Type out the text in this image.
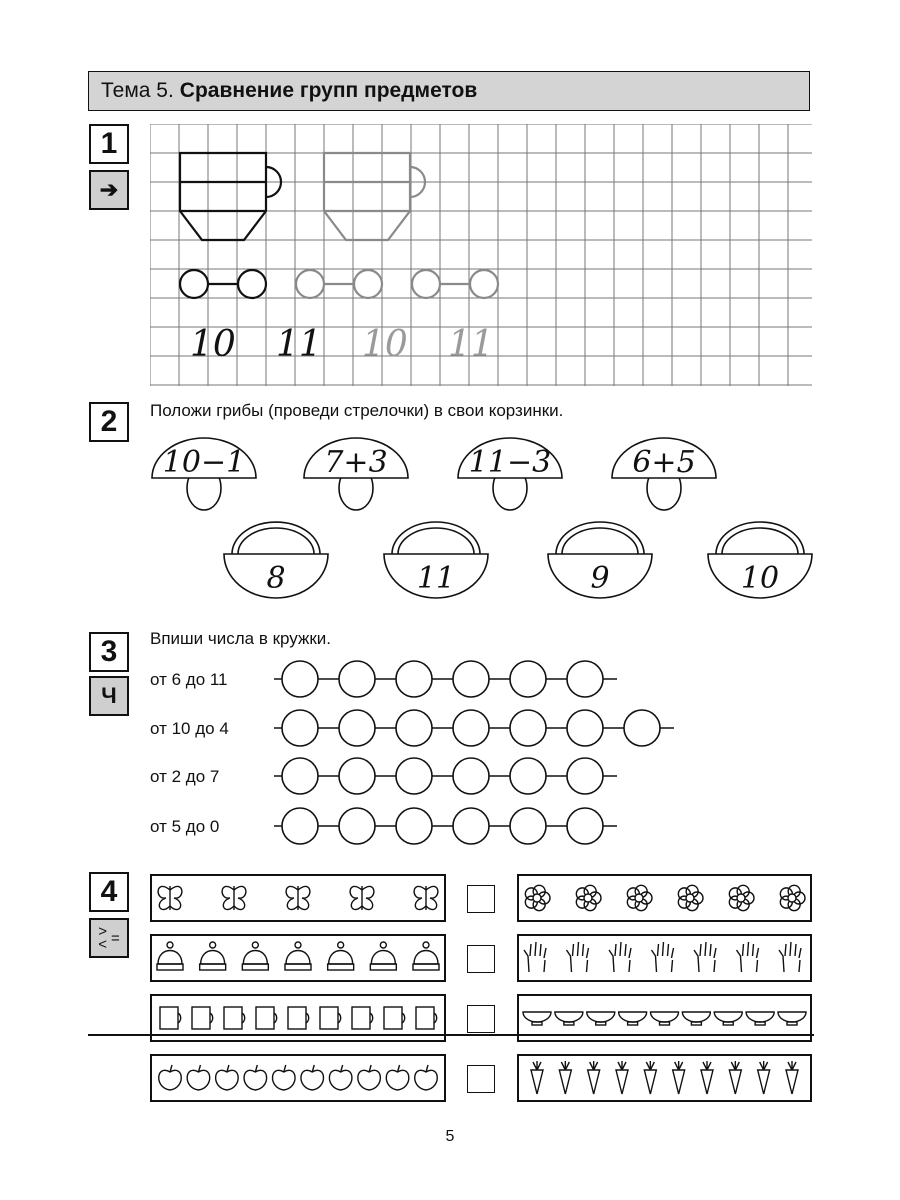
Тема 5. Сравнение групп предметов
1
➔
10 11 10 11
2	Положи грибы (проведи стрелочки) в свои корзинки.
10−1	7+3	11−3	6+5
8	11	9	10
3
Ч
Впиши числа в кружки.
от 6 до 11
от 10 до 4
от 2 до 7
от 5 до 0
4
>
< =
5
